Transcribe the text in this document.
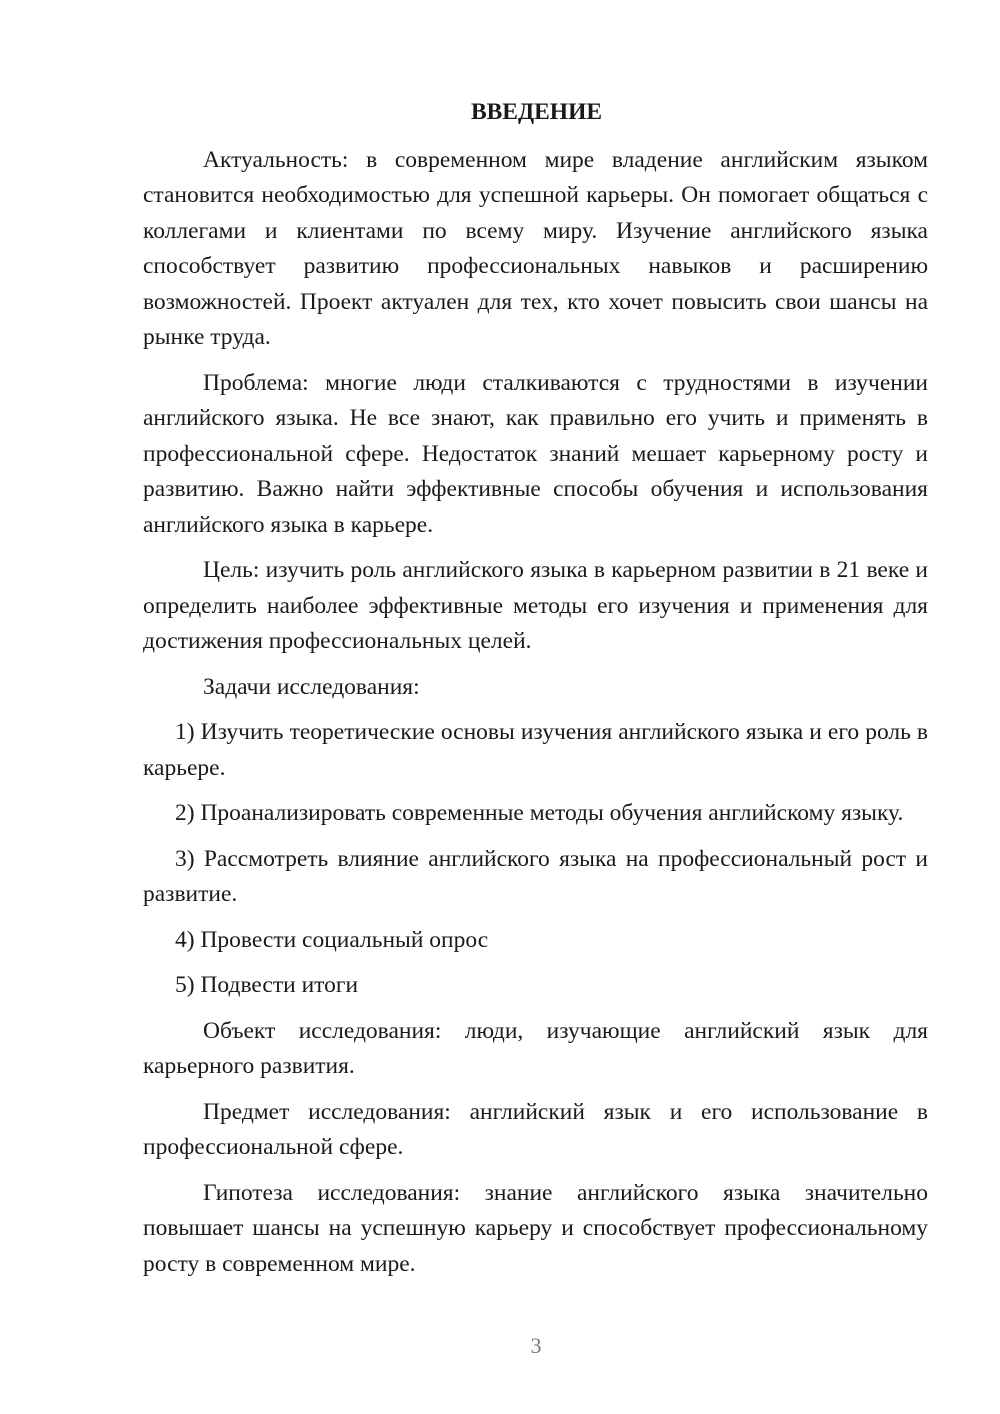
ВВЕДЕНИЕ

Актуальность: в современном мире владение английским языком становится необходимостью для успешной карьеры. Он помогает общаться с коллегами и клиентами по всему миру. Изучение английского языка способствует развитию профессиональных навыков и расширению возможностей. Проект актуален для тех, кто хочет повысить свои шансы на рынке труда.

Проблема: многие люди сталкиваются с трудностями в изучении английского языка. Не все знают, как правильно его учить и применять в профессиональной сфере. Недостаток знаний мешает карьерному росту и развитию. Важно найти эффективные способы обучения и использования английского языка в карьере.

Цель: изучить роль английского языка в карьерном развитии в 21 веке и определить наиболее эффективные методы его изучения и применения для достижения профессиональных целей.

Задачи исследования:

1) Изучить теоретические основы изучения английского языка и его роль в карьере.

2) Проанализировать современные методы обучения английскому языку.

3) Рассмотреть влияние английского языка на профессиональный рост и развитие.

4) Провести социальный опрос

5) Подвести итоги

Объект исследования: люди, изучающие английский язык для карьерного развития.

Предмет исследования: английский язык и его использование в профессиональной сфере.

Гипотеза исследования: знание английского языка значительно повышает шансы на успешную карьеру и способствует профессиональному росту в современном мире.

3
